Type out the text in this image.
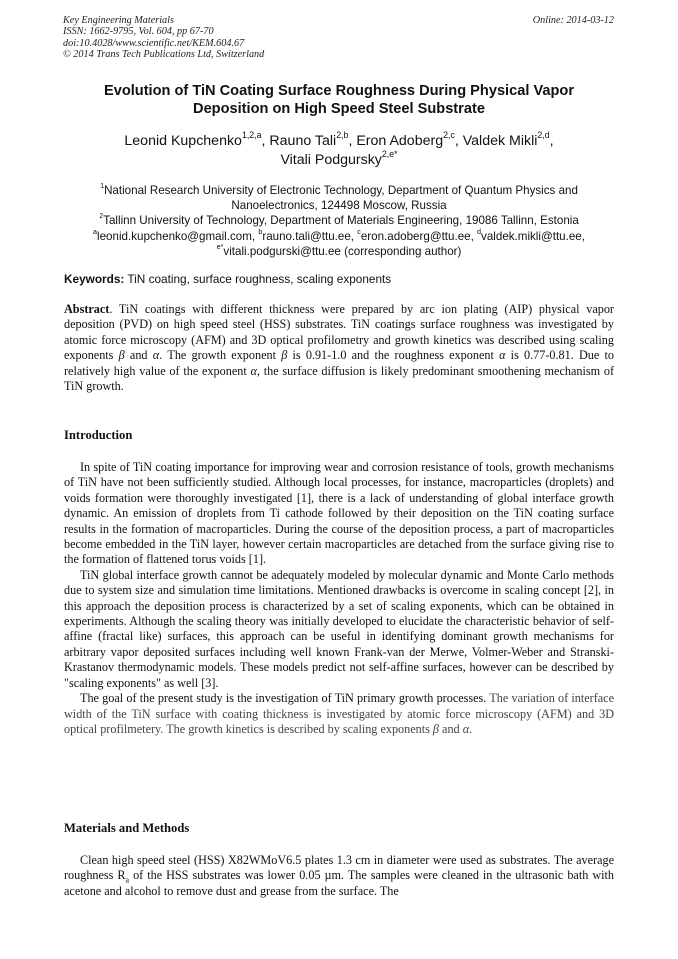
Key Engineering Materials
ISSN: 1662-9795, Vol. 604, pp 67-70
doi:10.4028/www.scientific.net/KEM.604.67
© 2014 Trans Tech Publications Ltd, Switzerland
Online: 2014-03-12
Evolution of TiN Coating Surface Roughness During Physical Vapor
Deposition on High Speed Steel Substrate
Leonid Kupchenko$^{1,2,a}$, Rauno Tali$^{2,b}$, Eron Adoberg$^{2,c}$, Valdek Mikli$^{2,d}$,
Vitali Podgursky$^{2,e*}$
$^1$National Research University of Electronic Technology, Department of Quantum Physics and
Nanoelectronics, 124498 Moscow, Russia
$^2$Tallinn University of Technology, Department of Materials Engineering, 19086 Tallinn, Estonia
$^a$leonid.kupchenko@gmail.com, $^b$rauno.tali@ttu.ee, $^c$eron.adoberg@ttu.ee, $^d$valdek.mikli@ttu.ee,
$^{e*}$vitali.podgurski@ttu.ee (corresponding author)
Keywords: TiN coating, surface roughness, scaling exponents

Abstract. TiN coatings with different thickness were prepared by arc ion plating (AIP) physical vapor deposition (PVD) on high speed steel (HSS) substrates. TiN coatings surface roughness was investigated by atomic force microscopy (AFM) and 3D optical profilometry and growth kinetics was described using scaling exponents β and α. The growth exponent β is 0.91-1.0 and the roughness exponent α is 0.77-0.81. Due to relatively high value of the exponent α, the surface diffusion is likely predominant smoothening mechanism of TiN growth.

Introduction

In spite of TiN coating importance for improving wear and corrosion resistance of tools, growth mechanisms of TiN have not been sufficiently studied. Although local processes, for instance, macroparticles (droplets) and voids formation were thoroughly investigated [1], there is a lack of understanding of global interface growth dynamic. An emission of droplets from Ti cathode followed by their deposition on the TiN coating surface results in the formation of macroparticles. During the course of the deposition process, a part of macroparticles become embedded in the TiN layer, however certain macroparticles are detached from the surface giving rise to the formation of flattened torus voids [1].

TiN global interface growth cannot be adequately modeled by molecular dynamic and Monte Carlo methods due to system size and simulation time limitations. Mentioned drawbacks is overcome in scaling concept [2], in this approach the deposition process is characterized by a set of scaling exponents, which can be obtained in experiments. Although the scaling theory was initially developed to elucidate the characteristic behavior of self-affine (fractal like) surfaces, this approach can be useful in identifying dominant growth mechanisms for arbitrary vapor deposited surfaces including well known Frank-van der Merwe, Volmer-Weber and Stranski-Krastanov thermodynamic models. These models predict not self-affine surfaces, however can be described by "scaling exponents" as well [3].

The goal of the present study is the investigation of TiN primary growth processes. The variation of interface width of the TiN surface with coating thickness is investigated by atomic force microscopy (AFM) and 3D optical profilmetery. The growth kinetics is described by scaling exponents β and α.

Materials and Methods

Clean high speed steel (HSS) X82WMoV6.5 plates 1.3 cm in diameter were used as substrates. The average roughness $R_a$ of the HSS substrates was lower 0.05 µm. The samples were cleaned in the ultrasonic bath with acetone and alcohol to remove dust and grease from the surface. The
